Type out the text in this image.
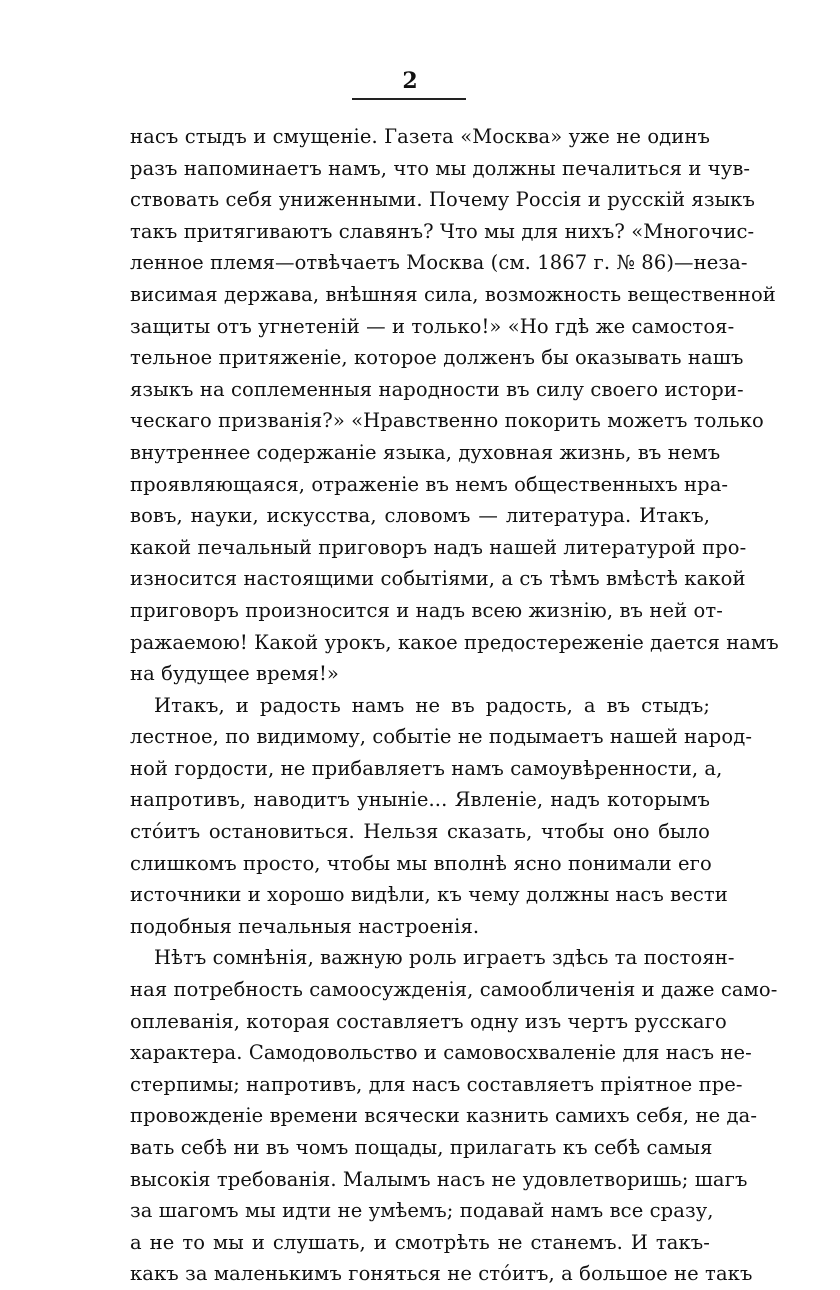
2
насъ стыдъ и смущеніе. Газета «Москва» уже не одинъ
разъ напоминаетъ намъ, что мы должны печалиться и чув-
ствовать себя униженными. Почему Россія и русскій языкъ
такъ притягиваютъ славянъ? Что мы для нихъ? «Многочис-
ленное племя—отвѣчаетъ Москва (см. 1867 г. № 86)—неза-
висимая держава, внѣшняя сила, возможность вещественной
защиты отъ угнетеній — и только!» «Но гдѣ же самостоя-
тельное притяженіе, которое долженъ бы оказывать нашъ
языкъ на соплеменныя народности въ силу своего истори-
ческаго призванія?» «Нравственно покорить можетъ только
внутреннее содержаніе языка, духовная жизнь, въ немъ
проявляющаяся, отраженіе въ немъ общественныхъ нра-
вовъ, науки, искусства, словомъ — литература. Итакъ,
какой печальный приговоръ надъ нашей литературой про-
износится настоящими событіями, а съ тѣмъ вмѣстѣ какой
приговоръ произносится и надъ всею жизнію, въ ней от-
ражаемою! Какой урокъ, какое предостереженіе дается намъ
на будущее время!»
Итакъ, и радость намъ не въ радость, а въ стыдъ;
лестное, по видимому, событіе не подымаетъ нашей народ-
ной гордости, не прибавляетъ намъ самоувѣренности, а,
напротивъ, наводитъ уныніе... Явленіе, надъ которымъ
стóитъ остановиться. Нельзя сказать, чтобы оно было
слишкомъ просто, чтобы мы вполнѣ ясно понимали его
источники и хорошо видѣли, къ чему должны насъ вести
подобныя печальныя настроенія.
Нѣтъ сомнѣнія, важную роль играетъ здѣсь та постоян-
ная потребность самоосужденія, самообличенія и даже само-
оплеванія, которая составляетъ одну изъ чертъ русскаго
характера. Самодовольство и самовосхваленіе для насъ не-
стерпимы; напротивъ, для насъ составляетъ пріятное пре-
провожденіе времени всячески казнить самихъ себя, не да-
вать себѣ ни въ чомъ пощады, прилагать къ себѣ самыя
высокія требованія. Малымъ насъ не удовлетворишь; шагъ
за шагомъ мы идти не умѣемъ; подавай намъ все сразу,
а не то мы и слушать, и смотрѣть не станемъ. И такъ-
какъ за маленькимъ гоняться не стóитъ, а большое не такъ
